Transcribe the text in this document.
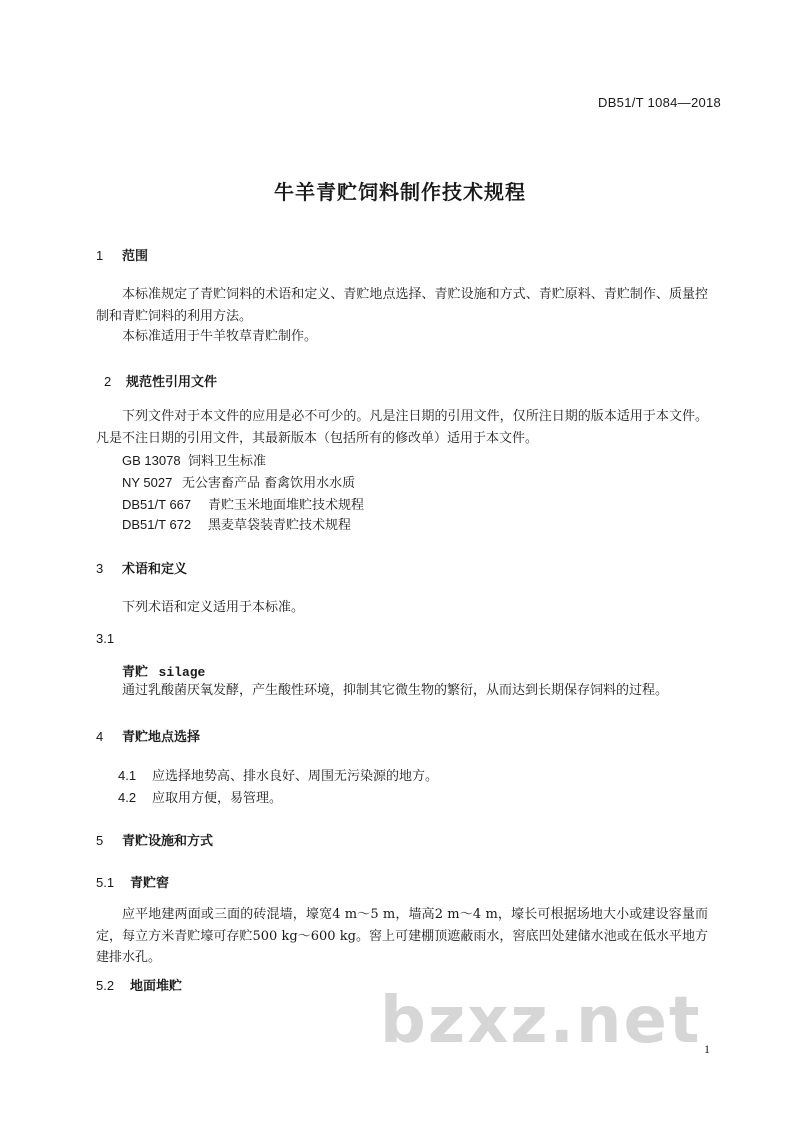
DB51/T 1084—2018
牛羊青贮饲料制作技术规程
1 范围
本标准规定了青贮饲料的术语和定义、青贮地点选择、青贮设施和方式、青贮原料、青贮制作、质量控制和青贮饲料的利用方法。
本标准适用于牛羊牧草青贮制作。
2 规范性引用文件
下列文件对于本文件的应用是必不可少的。凡是注日期的引用文件，仅所注日期的版本适用于本文件。凡是不注日期的引用文件，其最新版本（包括所有的修改单）适用于本文件。
GB 13078 饲料卫生标准
NY 5027 无公害畜产品 畜禽饮用水水质
DB51/T 667 青贮玉米地面堆贮技术规程
DB51/T 672 黑麦草袋装青贮技术规程
3 术语和定义
下列术语和定义适用于本标准。
3.1
青贮 silage
通过乳酸菌厌氧发酵，产生酸性环境，抑制其它微生物的繁衍，从而达到长期保存饲料的过程。
4 青贮地点选择
4.1 应选择地势高、排水良好、周围无污染源的地方。
4.2 应取用方便，易管理。
5 青贮设施和方式
5.1 青贮窖
应平地建两面或三面的砖混墙，壕宽4 m～5 m，墙高2 m～4 m，壕长可根据场地大小或建设容量而定，每立方米青贮壕可存贮500 kg～600 kg。窖上可建棚顶遮蔽雨水，窖底凹处建储水池或在低水平地方建排水孔。
5.2 地面堆贮	bzxz.net 1
